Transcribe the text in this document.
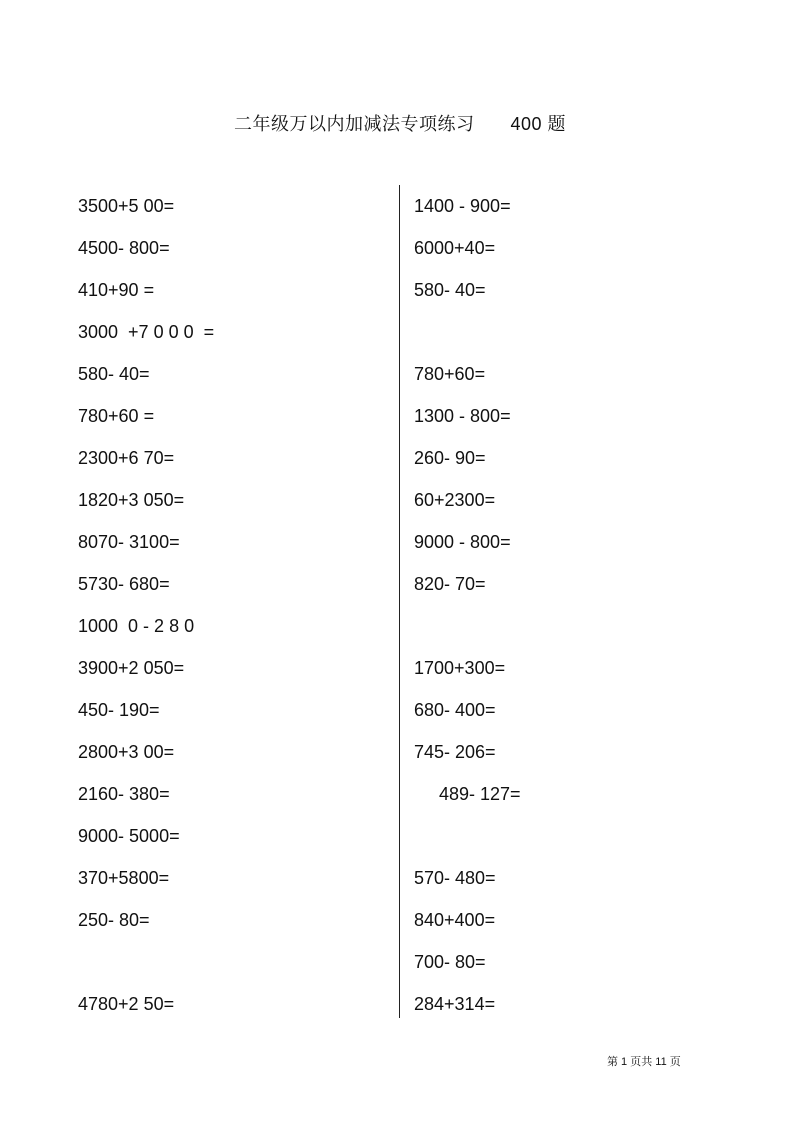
二年级万以内加减法专项练习 400 题
3500+5 00=
4500- 800=
410+90 =
3000  +7 0 0 0  =
580- 40=
780+60 =
2300+6 70=
1820+3 050=
8070- 3100=
5730- 680=
1000  0 - 2 8 0
3900+2 050=
450- 190=
2800+3 00=
2160- 380=
9000- 5000=
370+5800=
250- 80=
4780+2 50=
1400 - 900=
6000+40=
580- 40=
780+60=
1300 - 800=
260- 90=
60+2300=
9000 - 800=
820- 70=
1700+300=
680- 400=
745- 206=
489- 127=
570- 480=
840+400=
700- 80=
284+314=
第 1 页共 11 页
